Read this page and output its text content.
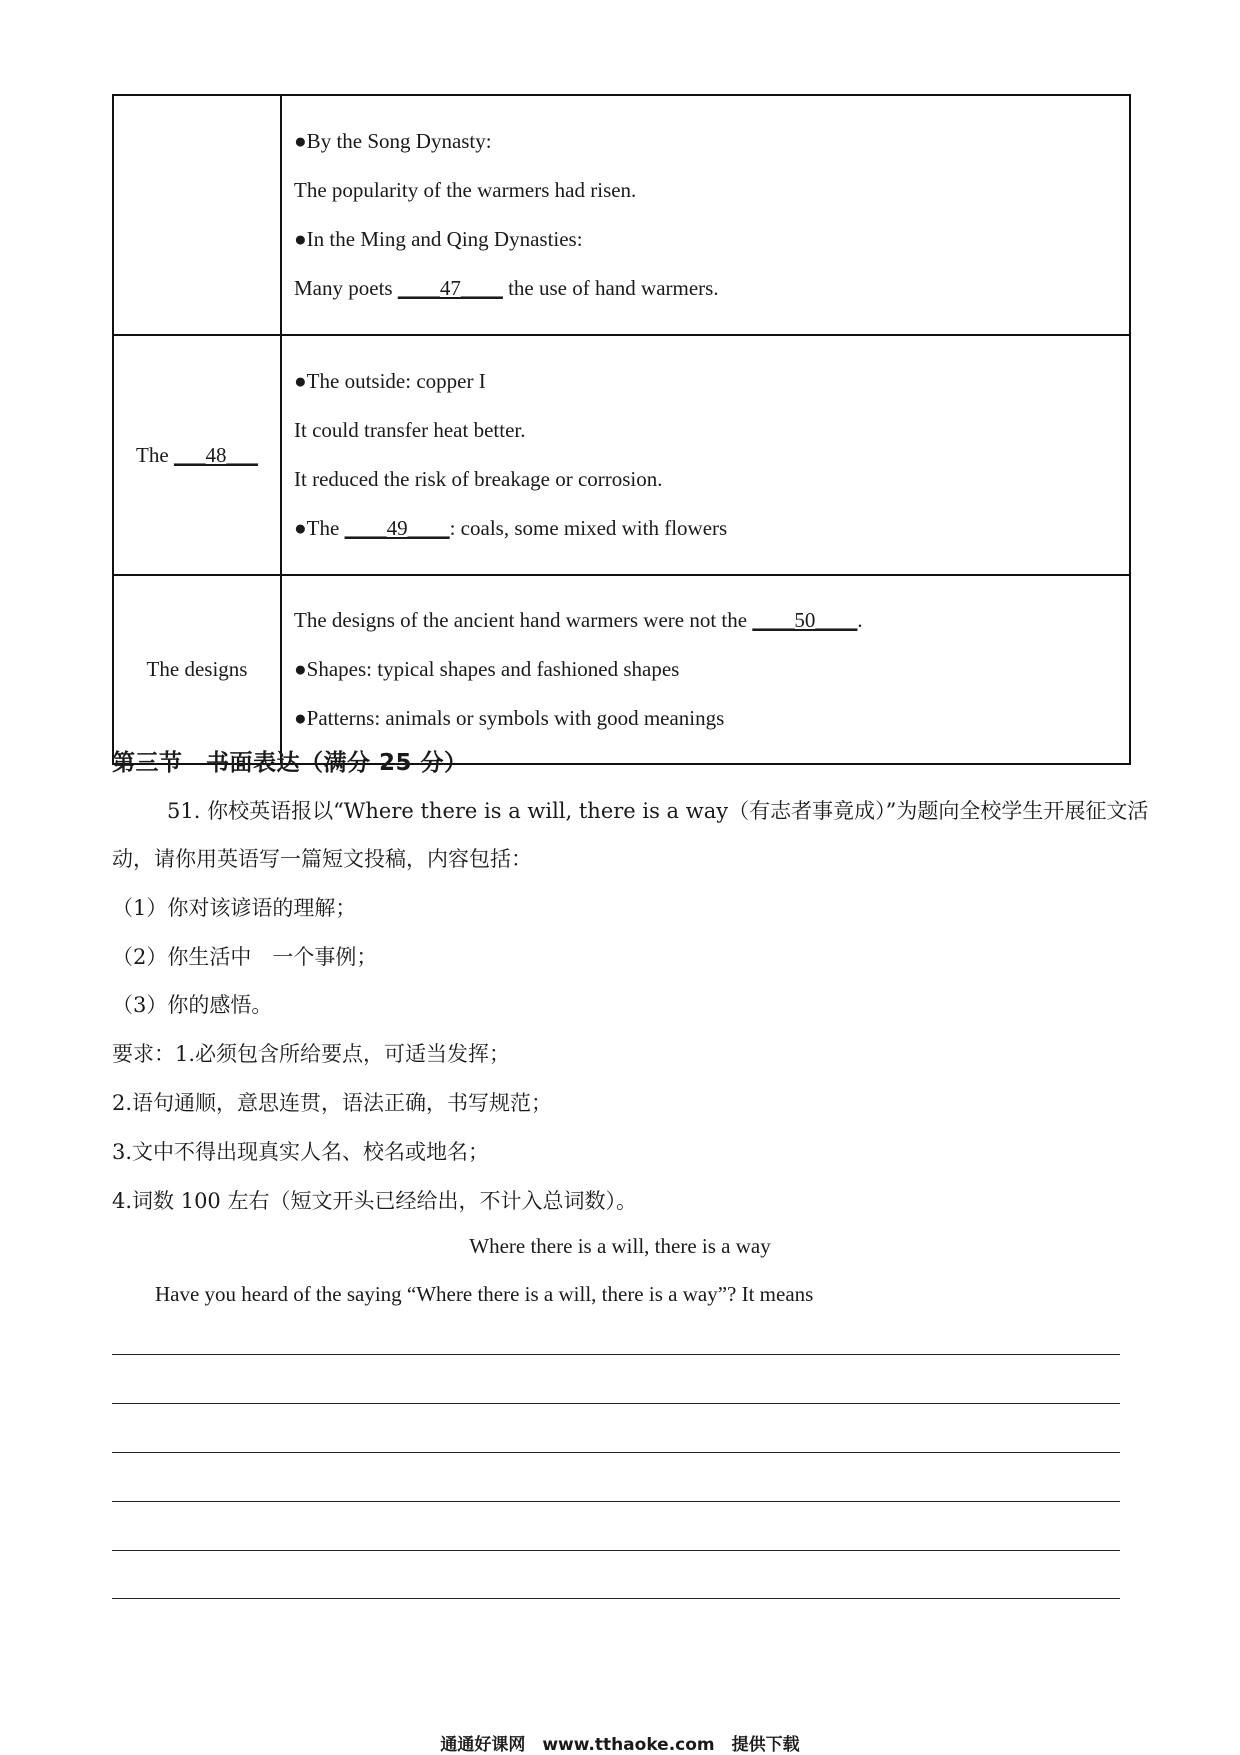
	●By the Song Dynasty:
The popularity of the warmers had risen.
●In the Ming and Qing Dynasties:
Many poets ____47____ the use of hand warmers.

The ___48___	●The outside: copper I
It could transfer heat better.
It reduced the risk of breakage or corrosion.
●The ____49____: coals, some mixed with flowers

The designs	The designs of the ancient hand warmers were not the ____50____.
●Shapes: typical shapes and fashioned shapes
●Patterns: animals or symbols with good meanings
第三节　书面表达（满分 25 分）
51. 你校英语报以“Where there is a will, there is a way（有志者事竟成）”为题向全校学生开展征文活
动，请你用英语写一篇短文投稿，内容包括：
（1）你对该谚语的理解；
（2）你生活中　一个事例；
（3）你的感悟。
要求：1.必须包含所给要点，可适当发挥；
2.语句通顺，意思连贯，语法正确，书写规范；
3.文中不得出现真实人名、校名或地名；
4.词数 100 左右（短文开头已经给出，不计入总词数）。
Where there is a will, there is a way
Have you heard of the saying “Where there is a will, there is a way”? It means
通通好课网　www.tthaoke.com　提供下载
